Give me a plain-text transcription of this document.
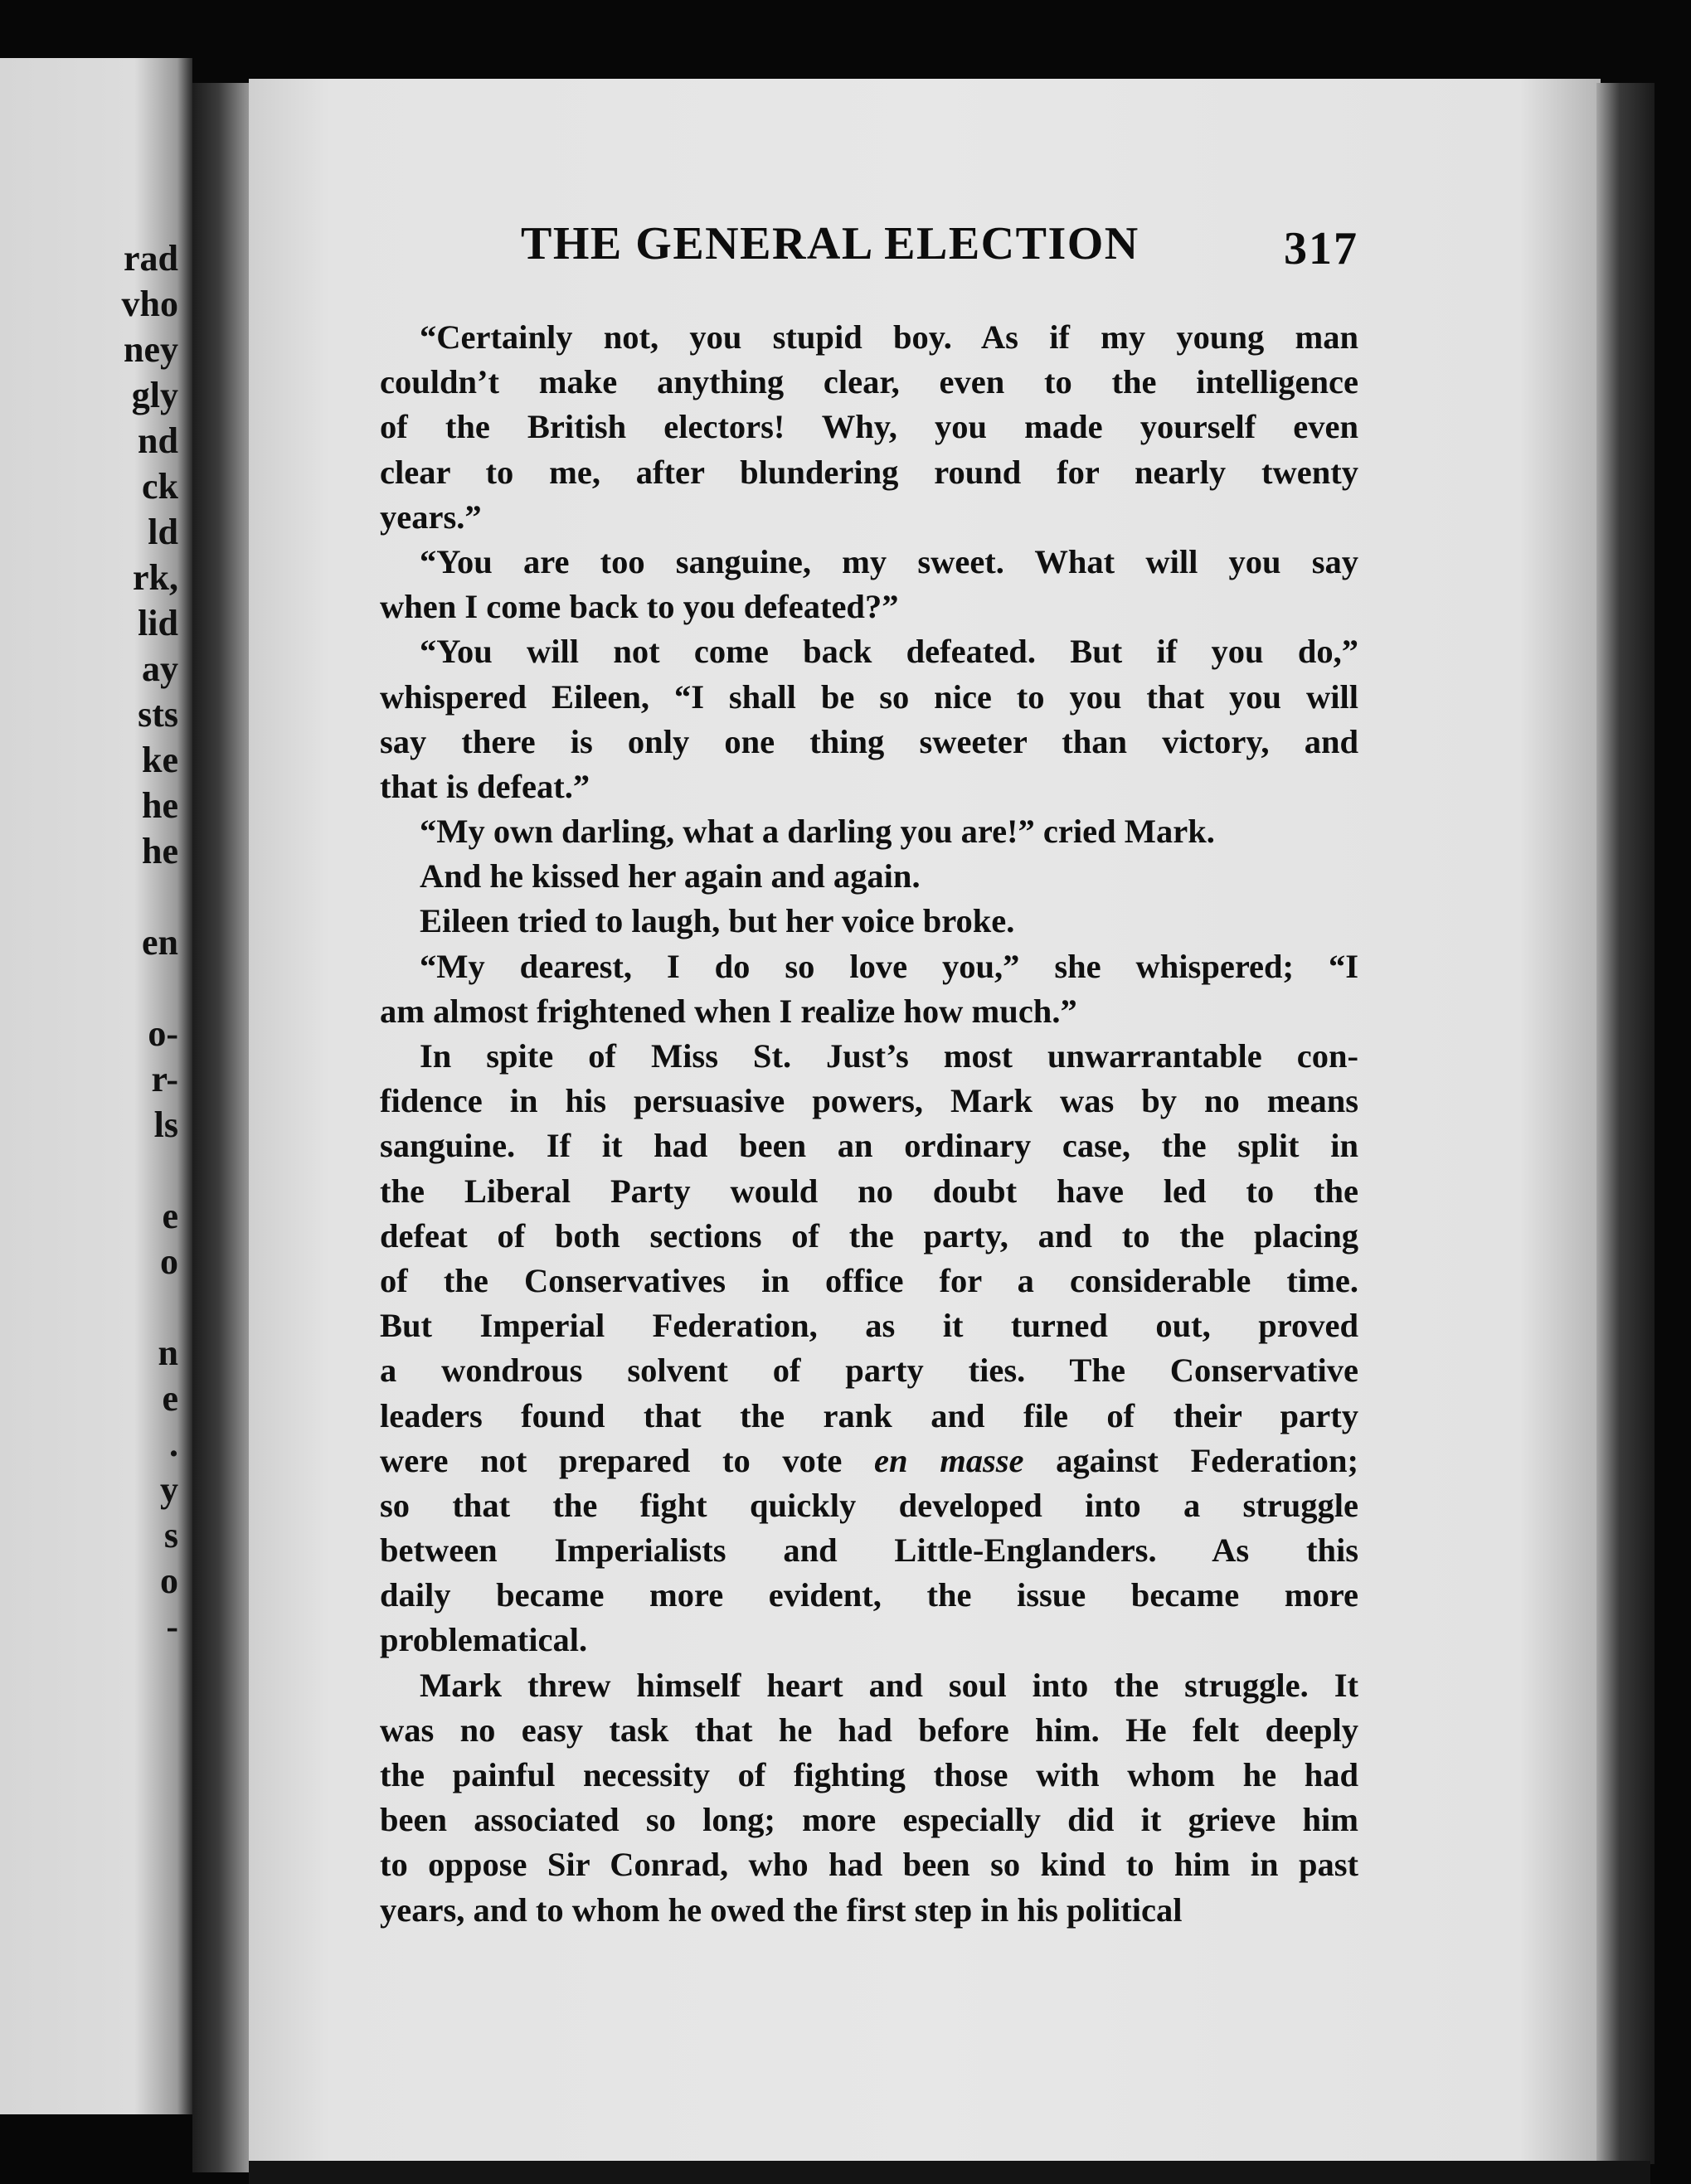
rad
vho
ney
gly
nd
ck
ld
rk,
lid
ay
sts
ke
he
he
en
o-
r-
ls
e
o
n
e
.
y
s
o
-
THE GENERAL ELECTION	317
“Certainly not, you stupid boy. As if my young man
couldn’t make anything clear, even to the intelligence
of the British electors! Why, you made yourself even
clear to me, after blundering round for nearly twenty
years.”
“You are too sanguine, my sweet. What will you say
when I come back to you defeated?”
“You will not come back defeated. But if you do,”
whispered Eileen, “I shall be so nice to you that you will
say there is only one thing sweeter than victory, and
that is defeat.”
“My own darling, what a darling you are!” cried Mark.
And he kissed her again and again.
Eileen tried to laugh, but her voice broke.
“My dearest, I do so love you,” she whispered; “I
am almost frightened when I realize how much.”
In spite of Miss St. Just’s most unwarrantable con-
fidence in his persuasive powers, Mark was by no means
sanguine. If it had been an ordinary case, the split in
the Liberal Party would no doubt have led to the
defeat of both sections of the party, and to the placing
of the Conservatives in office for a considerable time.
But Imperial Federation, as it turned out, proved
a wondrous solvent of party ties. The Conservative
leaders found that the rank and file of their party
were not prepared to vote en masse against Federation;
so that the fight quickly developed into a struggle
between Imperialists and Little-Englanders. As this
daily became more evident, the issue became more
problematical.
Mark threw himself heart and soul into the struggle. It
was no easy task that he had before him. He felt deeply
the painful necessity of fighting those with whom he had
been associated so long; more especially did it grieve him
to oppose Sir Conrad, who had been so kind to him in past
years, and to whom he owed the first step in his political
